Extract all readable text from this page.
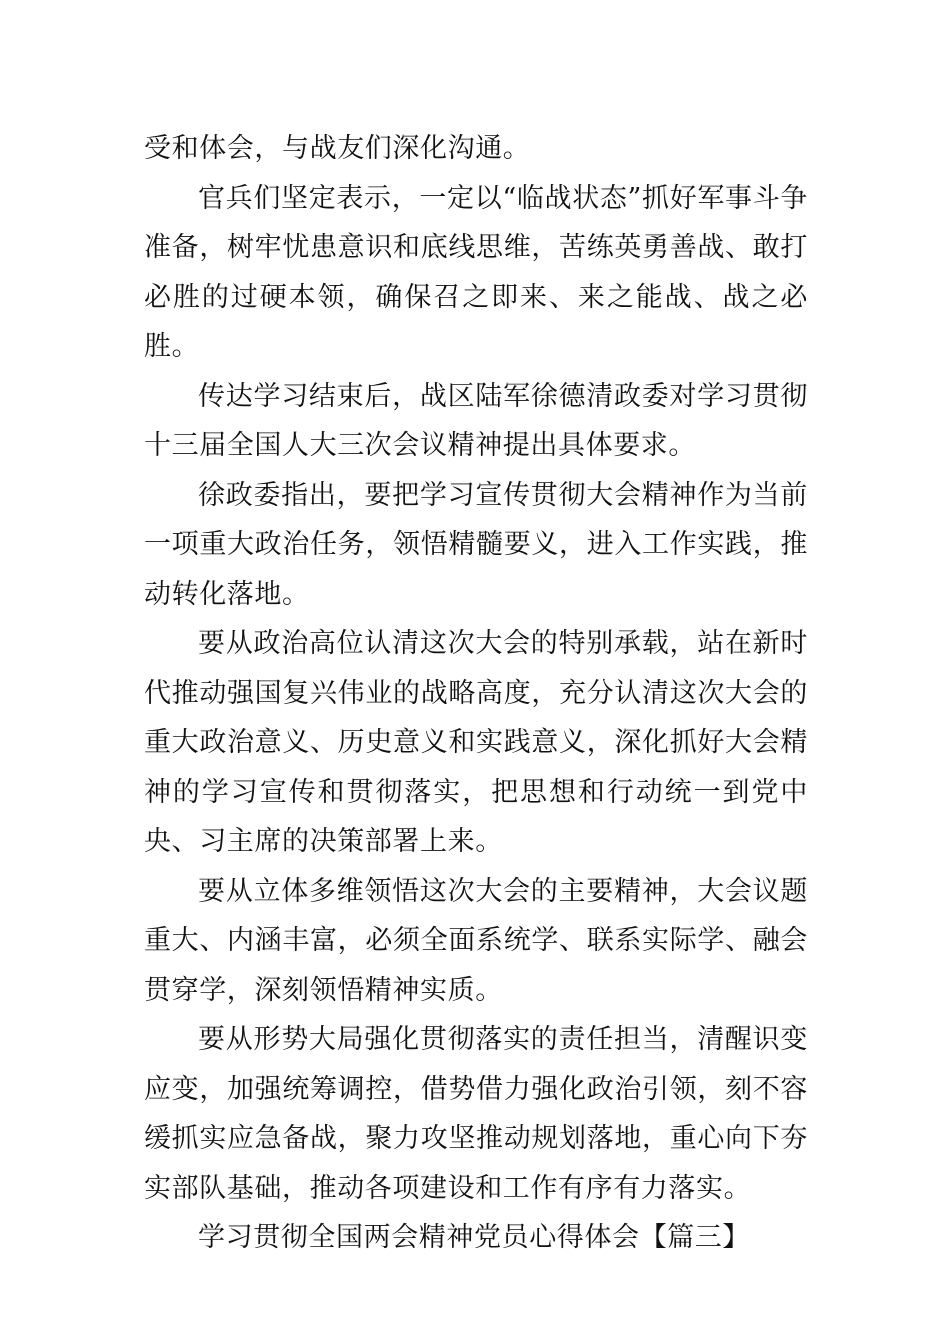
受和体会，与战友们深化沟通。

官兵们坚定表示，一定以“临战状态”抓好军事斗争准备，树牢忧患意识和底线思维，苦练英勇善战、敢打必胜的过硬本领，确保召之即来、来之能战、战之必胜。

传达学习结束后，战区陆军徐德清政委对学习贯彻十三届全国人大三次会议精神提出具体要求。

徐政委指出，要把学习宣传贯彻大会精神作为当前一项重大政治任务，领悟精髓要义，进入工作实践，推动转化落地。

要从政治高位认清这次大会的特别承载，站在新时代推动强国复兴伟业的战略高度，充分认清这次大会的重大政治意义、历史意义和实践意义，深化抓好大会精神的学习宣传和贯彻落实，把思想和行动统一到党中央、习主席的决策部署上来。

要从立体多维领悟这次大会的主要精神，大会议题重大、内涵丰富，必须全面系统学、联系实际学、融会贯穿学，深刻领悟精神实质。

要从形势大局强化贯彻落实的责任担当，清醒识变应变，加强统筹调控，借势借力强化政治引领，刻不容缓抓实应急备战，聚力攻坚推动规划落地，重心向下夯实部队基础，推动各项建设和工作有序有力落实。

学习贯彻全国两会精神党员心得体会【篇三】
